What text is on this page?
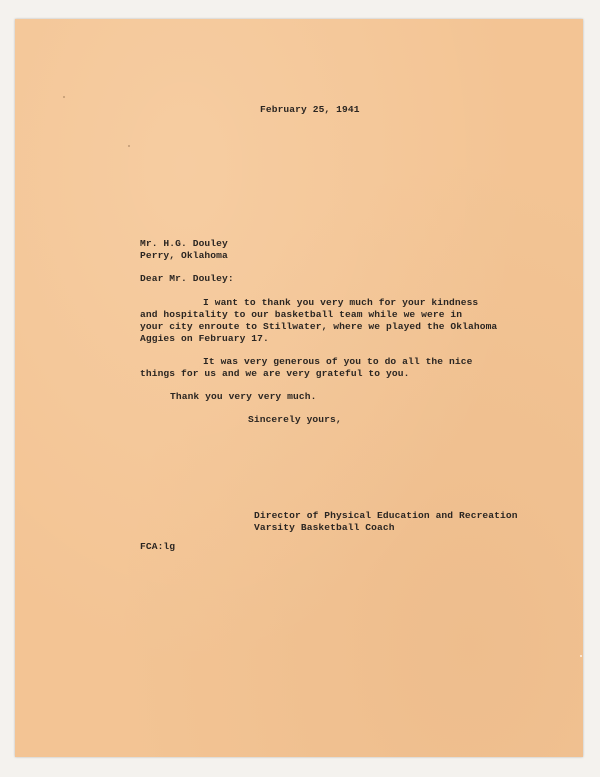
February 25, 1941
Mr. H.G. Douley
Perry, Oklahoma
Dear Mr. Douley:
I want to thank you very much for your kindness
and hospitality to our basketball team while we were in
your city enroute to Stillwater, where we played the Oklahoma
Aggies on February 17.
It was very generous of you to do all the nice
things for us and we are very grateful to you.
Thank you very very much.
Sincerely yours,
Director of Physical Education and Recreation
Varsity Basketball Coach
FCA:lg
